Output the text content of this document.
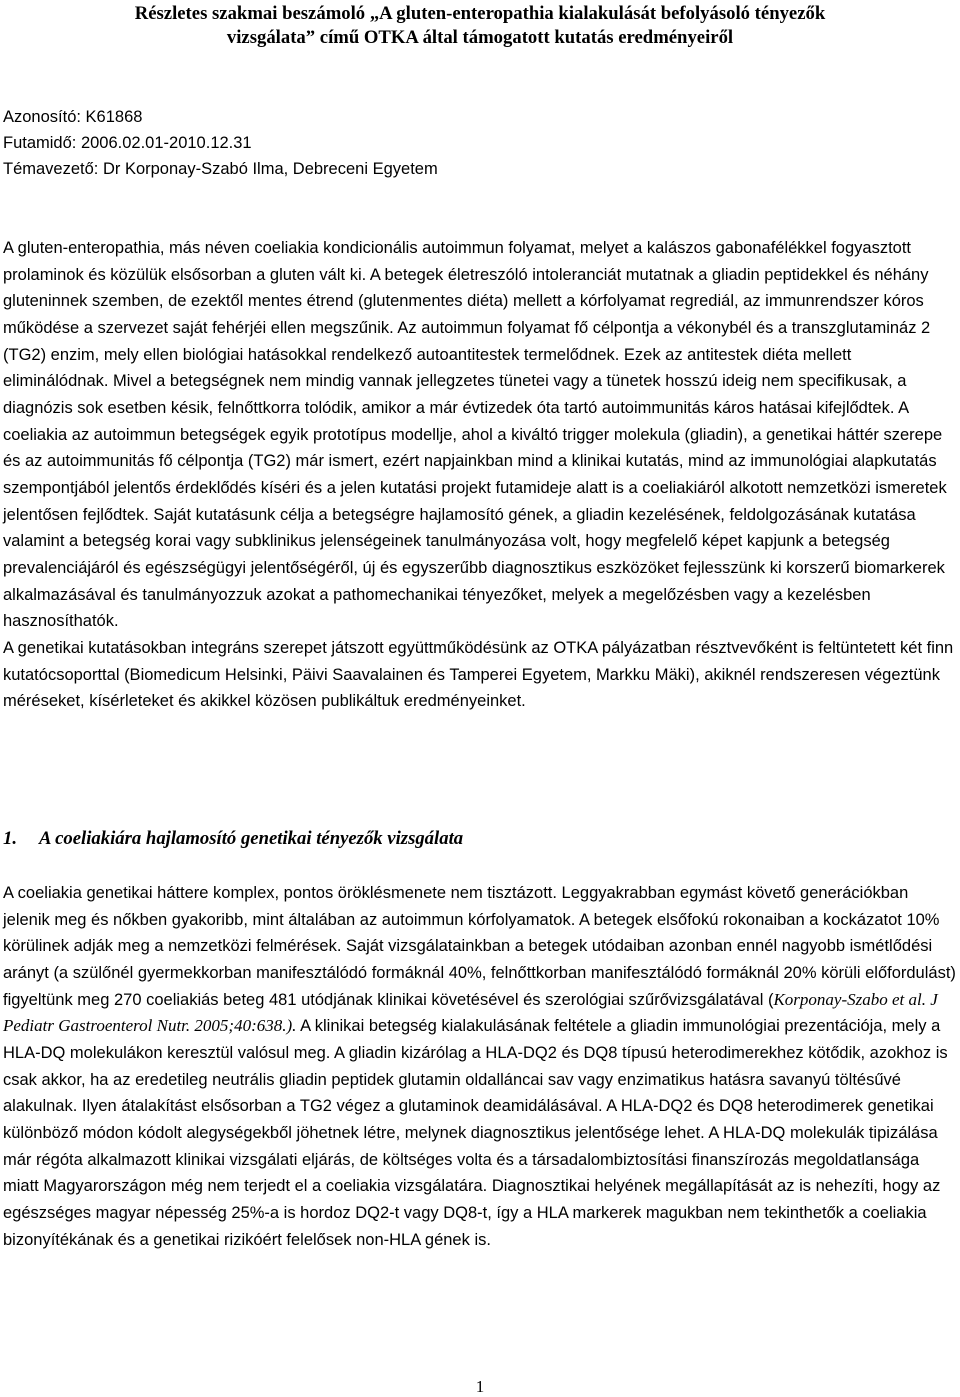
Részletes szakmai beszámoló „A gluten-enteropathia kialakulását befolyásoló tényezők
vizsgálata” című OTKA által támogatott kutatás eredményeiről
Azonosító: K61868
Futamidő: 2006.02.01-2010.12.31
Témavezető: Dr Korponay-Szabó Ilma, Debreceni Egyetem

A gluten-enteropathia, más néven coeliakia kondicionális autoimmun folyamat, melyet a kalászos gabonafélékkel fogyasztott prolaminok és közülük elsősorban a gluten vált ki. A betegek életreszóló intoleranciát mutatnak a gliadin peptidekkel és néhány gluteninnek szemben, de ezektől mentes étrend (glutenmentes diéta) mellett a kórfolyamat regrediál, az immunrendszer kóros működése a szervezet saját fehérjéi ellen megszűnik. Az autoimmun folyamat fő célpontja a vékonybél és a transzglutamináz 2 (TG2) enzim, mely ellen biológiai hatásokkal rendelkező autoantitestek termelődnek. Ezek az antitestek diéta mellett eliminálódnak. Mivel a betegségnek nem mindig vannak jellegzetes tünetei vagy a tünetek hosszú ideig nem specifikusak, a diagnózis sok esetben késik, felnőttkorra tolódik, amikor a már évtizedek óta tartó autoimmunitás káros hatásai kifejlődtek. A coeliakia az autoimmun betegségek egyik prototípus modellje, ahol a kiváltó trigger molekula (gliadin), a genetikai háttér szerepe és az autoimmunitás fő célpontja (TG2) már ismert, ezért napjainkban mind a klinikai kutatás, mind az immunológiai alapkutatás szempontjából jelentős érdeklődés kíséri és a jelen kutatási projekt futamideje alatt is a coeliakiáról alkotott nemzetközi ismeretek jelentősen fejlődtek. Saját kutatásunk célja a betegségre hajlamosító gének, a gliadin kezelésének, feldolgozásának kutatása valamint a betegség korai vagy subklinikus jelenségeinek tanulmányozása volt, hogy megfelelő képet kapjunk a betegség prevalenciájáról és egészségügyi jelentőségéről, új és egyszerűbb diagnosztikus eszközöket fejlesszünk ki korszerű biomarkerek alkalmazásával és tanulmányozzuk azokat a pathomechanikai tényezőket, melyek a megelőzésben vagy a kezelésben hasznosíthatók.

A genetikai kutatásokban integráns szerepet játszott együttműködésünk az OTKA pályázatban résztvevőként is feltüntetett két finn kutatócsoporttal (Biomedicum Helsinki, Päivi Saavalainen és Tamperei Egyetem, Markku Mäki), akiknél rendszeresen végeztünk méréseket, kísérleteket és akikkel közösen publikáltuk eredményeinket.

1. A coeliakiára hajlamosító genetikai tényezők vizsgálata

A coeliakia genetikai háttere komplex, pontos öröklésmenete nem tisztázott. Leggyakrabban egymást követő generációkban jelenik meg és nőkben gyakoribb, mint általában az autoimmun kórfolyamatok. A betegek elsőfokú rokonaiban a kockázatot 10% körülinek adják meg a nemzetközi felmérések. Saját vizsgálatainkban a betegek utódaiban azonban ennél nagyobb ismétlődési arányt (a szülőnél gyermekkorban manifesztálódó formáknál 40%, felnőttkorban manifesztálódó formáknál 20% körüli előfordulást) figyeltünk meg 270 coeliakiás beteg 481 utódjának klinikai követésével és szerológiai szűrővizsgálatával (Korponay-Szabo et al. J Pediatr Gastroenterol Nutr. 2005;40:638.). A klinikai betegség kialakulásának feltétele a gliadin immunológiai prezentációja, mely a HLA-DQ molekulákon keresztül valósul meg. A gliadin kizárólag a HLA-DQ2 és DQ8 típusú heterodimerekhez kötődik, azokhoz is csak akkor, ha az eredetileg neutrális gliadin peptidek glutamin oldalláncai sav vagy enzimatikus hatásra savanyú töltésűvé alakulnak. Ilyen átalakítást elsősorban a TG2 végez a glutaminok deamidálásával. A HLA-DQ2 és DQ8 heterodimerek genetikai különböző módon kódolt alegységekből jöhetnek létre, melynek diagnosztikus jelentősége lehet. A HLA-DQ molekulák tipizálása már régóta alkalmazott klinikai vizsgálati eljárás, de költséges volta és a társadalombiztosítási finanszírozás megoldatlansága miatt Magyarországon még nem terjedt el a coeliakia vizsgálatára. Diagnosztikai helyének megállapítását az is nehezíti, hogy az egészséges magyar népesség 25%-a is hordoz DQ2-t vagy DQ8-t, így a HLA markerek magukban nem tekinthetők a coeliakia bizonyítékának és a genetikai rizikóért felelősek non-HLA gének is.

1
